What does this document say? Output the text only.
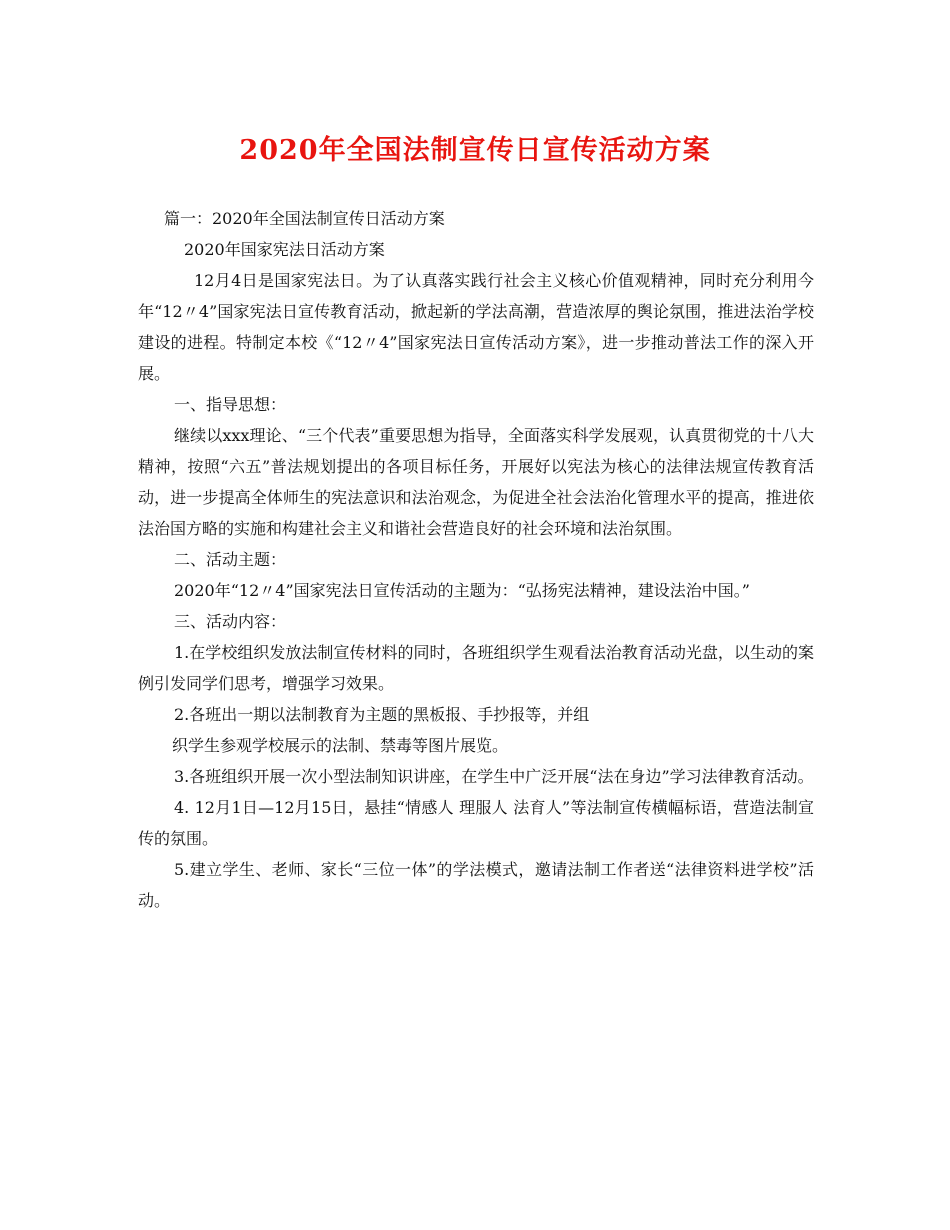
2020年全国法制宣传日宣传活动方案

篇一：2020年全国法制宣传日活动方案

2020年国家宪法日活动方案

12月4日是国家宪法日。为了认真落实践行社会主义核心价值观精神，同时充分利用今年“12〃4”国家宪法日宣传教育活动，掀起新的学法高潮，营造浓厚的舆论氛围，推进法治学校建设的进程。特制定本校《“12〃4”国家宪法日宣传活动方案》，进一步推动普法工作的深入开展。

一、指导思想：

继续以xxx理论、“三个代表”重要思想为指导，全面落实科学发展观，认真贯彻党的十八大精神，按照“六五”普法规划提出的各项目标任务，开展好以宪法为核心的法律法规宣传教育活动，进一步提高全体师生的宪法意识和法治观念，为促进全社会法治化管理水平的提高，推进依法治国方略的实施和构建社会主义和谐社会营造良好的社会环境和法治氛围。

二、活动主题：

2020年“12〃4”国家宪法日宣传活动的主题为：“弘扬宪法精神，建设法治中国。”

三、活动内容：

1.在学校组织发放法制宣传材料的同时，各班组织学生观看法治教育活动光盘，以生动的案例引发同学们思考，增强学习效果。

2.各班出一期以法制教育为主题的黑板报、手抄报等，并组

织学生参观学校展示的法制、禁毒等图片展览。

3.各班组织开展一次小型法制知识讲座，在学生中广泛开展“法在身边”学习法律教育活动。

4. 12月1日—12月15日，悬挂“情感人 理服人 法育人”等法制宣传横幅标语，营造法制宣传的氛围。

5.建立学生、老师、家长“三位一体”的学法模式，邀请法制工作者送“法律资料进学校”活动。
